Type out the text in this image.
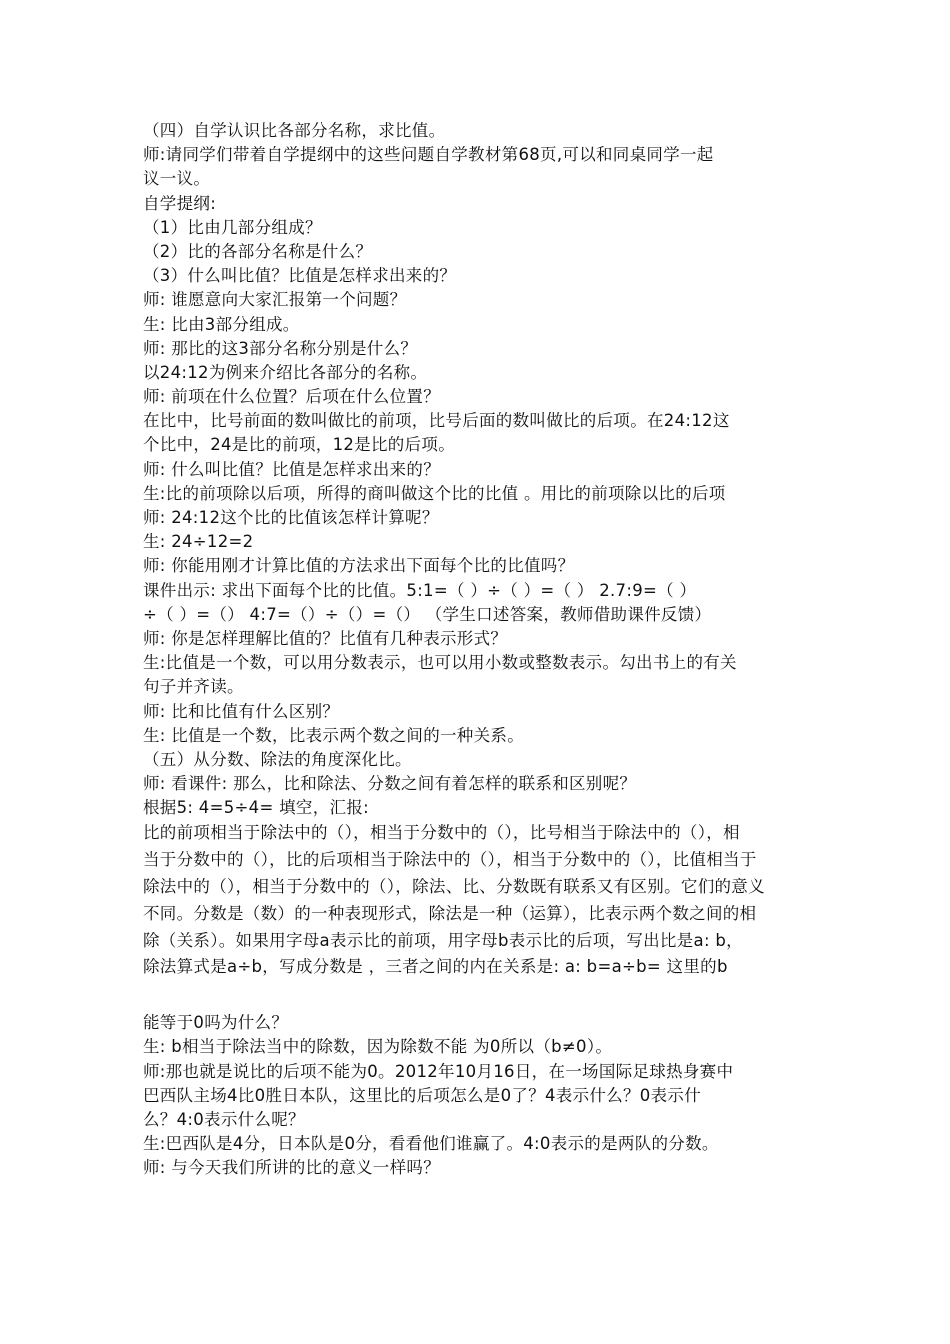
（四）自学认识比各部分名称，求比值。
师:请同学们带着自学提纲中的这些问题自学教材第68页,可以和同桌同学一起
议一议。
自学提纲:
（1）比由几部分组成？
（2）比的各部分名称是什么？
（3）什么叫比值？比值是怎样求出来的？
师: 谁愿意向大家汇报第一个问题？
生: 比由3部分组成。
师: 那比的这3部分名称分别是什么？
以24:12为例来介绍比各部分的名称。
师: 前项在什么位置？后项在什么位置？
在比中，比号前面的数叫做比的前项，比号后面的数叫做比的后项。在24:12这
个比中，24是比的前项，12是比的后项。
师: 什么叫比值？比值是怎样求出来的？
生:比的前项除以后项，所得的商叫做这个比的比值 。用比的前项除以比的后项
师: 24:12这个比的比值该怎样计算呢？
生: 24÷12=2
师: 你能用刚才计算比值的方法求出下面每个比的比值吗？
课件出示: 求出下面每个比的比值。5:1=（ ）÷（ ）=（ ） 2.7:9=（ ）
÷（ ）=（） 4:7=（）÷（）=（） （学生口述答案，教师借助课件反馈）
师: 你是怎样理解比值的？比值有几种表示形式？
生:比值是一个数，可以用分数表示，也可以用小数或整数表示。勾出书上的有关
句子并齐读。
师: 比和比值有什么区别？
生: 比值是一个数，比表示两个数之间的一种关系。
（五）从分数、除法的角度深化比。
师: 看课件: 那么，比和除法、分数之间有着怎样的联系和区别呢？
根据5: 4=5÷4= 填空，汇报:
比的前项相当于除法中的（），相当于分数中的（），比号相当于除法中的（），相
当于分数中的（），比的后项相当于除法中的（），相当于分数中的（），比值相当于
除法中的（），相当于分数中的（），除法、比、分数既有联系又有区别。它们的意义
不同。分数是（数）的一种表现形式，除法是一种（运算），比表示两个数之间的相
除（关系）。如果用字母a表示比的前项，用字母b表示比的后项，写出比是a: b，
除法算式是a÷b，写成分数是 ，三者之间的内在关系是: a: b=a÷b= 这里的b
能等于0吗为什么？
生: b相当于除法当中的除数，因为除数不能 为0所以（b≠0）。
师:那也就是说比的后项不能为0。2012年10月16日，在一场国际足球热身赛中
巴西队主场4比0胜日本队，这里比的后项怎么是0了？4表示什么？0表示什
么？4:0表示什么呢？
生:巴西队是4分，日本队是0分，看看他们谁赢了。4:0表示的是两队的分数。
师: 与今天我们所讲的比的意义一样吗？
